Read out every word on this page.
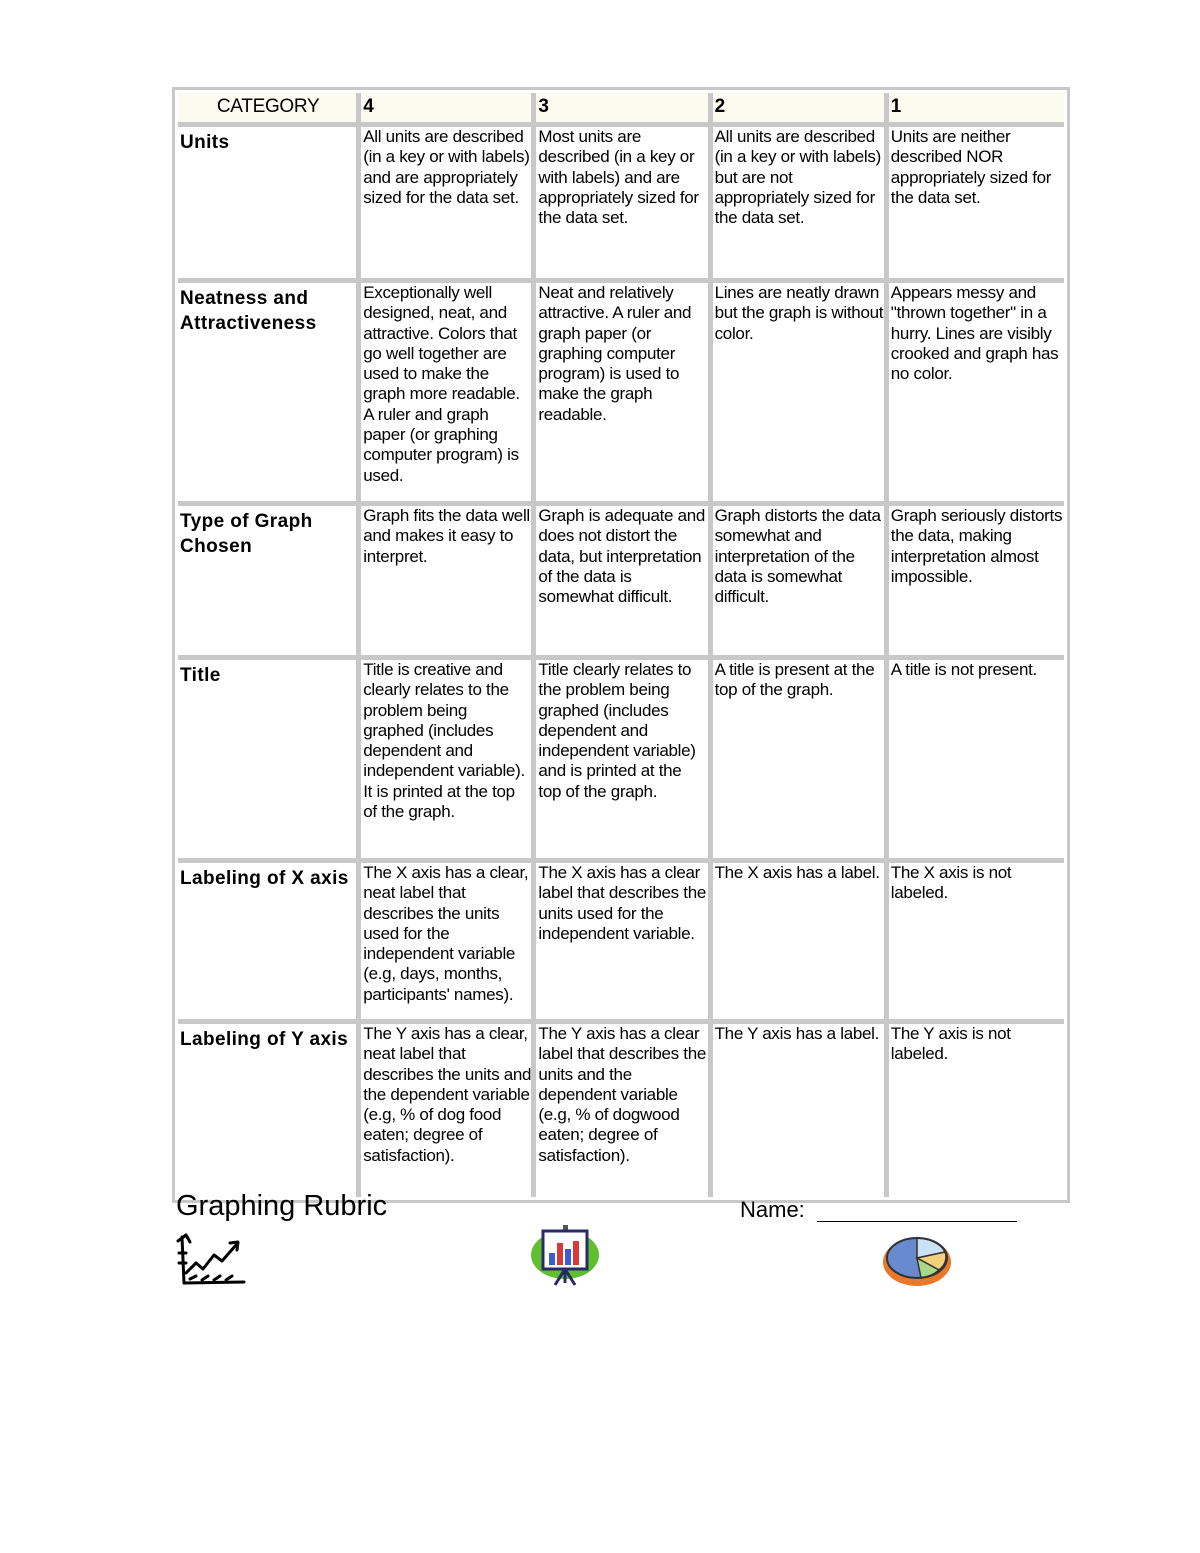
CATEGORY	4	3	2	1
Units	All units are described (in a key or with labels) and are appropriately sized for the data set.	Most units are described (in a key or with labels) and are appropriately sized for the data set.	All units are described (in a key or with labels) but are not appropriately sized for the data set.	Units are neither described NOR appropriately sized for the data set.
Neatness and Attractiveness	Exceptionally well designed, neat, and attractive. Colors that go well together are used to make the graph more readable. A ruler and graph paper (or graphing computer program) is used.	Neat and relatively attractive. A ruler and graph paper (or graphing computer program) is used to make the graph readable.	Lines are neatly drawn but the graph is without color.	Appears messy and "thrown together" in a hurry. Lines are visibly crooked and graph has no color.
Type of Graph Chosen	Graph fits the data well and makes it easy to interpret.	Graph is adequate and does not distort the data, but interpretation of the data is somewhat difficult.	Graph distorts the data somewhat and interpretation of the data is somewhat difficult.	Graph seriously distorts the data, making interpretation almost impossible.
Title	Title is creative and clearly relates to the problem being graphed (includes dependent and independent variable). It is printed at the top of the graph.	Title clearly relates to the problem being graphed (includes dependent and independent variable) and is printed at the top of the graph.	A title is present at the top of the graph.	A title is not present.
Labeling of X axis	The X axis has a clear, neat label that describes the units used for the independent variable (e.g, days, months, participants' names).	The X axis has a clear label that describes the units used for the independent variable.	The X axis has a label.	The X axis is not labeled.
Labeling of Y axis	The Y axis has a clear, neat label that describes the units and the dependent variable (e.g, % of dog food eaten; degree of satisfaction).	The Y axis has a clear label that describes the units and the dependent variable (e.g, % of dogwood eaten; degree of satisfaction).	The Y axis has a label.	The Y axis is not labeled.
Graphing Rubric	Name:
